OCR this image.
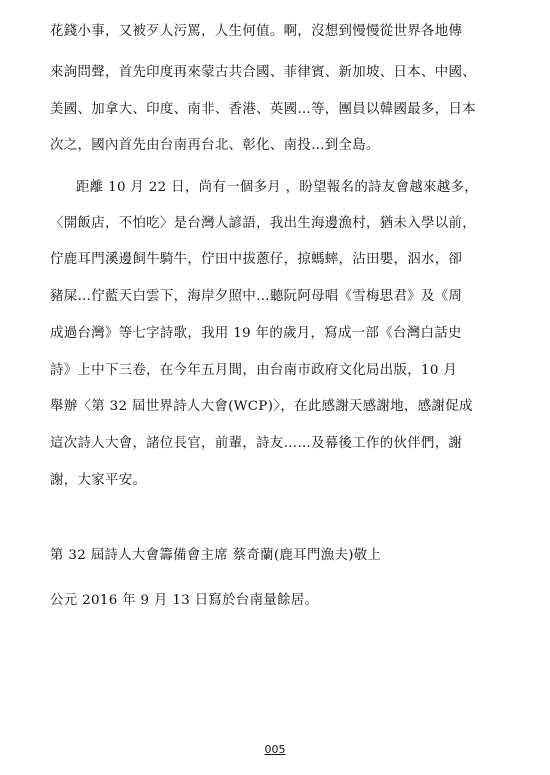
花錢小事，又被歹人污罵，人生何值。啊，沒想到慢慢從世界各地傳
來詢問聲，首先印度再來蒙古共合國、菲律賓、新加坡、日本、中國、
美國、加拿大、印度、南非、香港、英國…等，團員以韓國最多，日本
次之，國內首先由台南再台北、彰化、南投…到全島。
距離 10 月 22 日，尚有一個多月 ，盼望報名的詩友會越來越多，
〈開飯店，不怕吃〉是台灣人諺語，我出生海邊漁村，猶未入學以前，
佇鹿耳門溪邊飼牛騎牛，佇田中拔蔥仔，掠螞蟀，沾田嬰，泅水，卻
豬屎…佇藍天白雲下，海岸夕照中…聽阮阿母唱《雪梅思君》及《周
成過台灣》等七字詩歌，我用 19 年的歲月，寫成一部《台灣白話史
詩》上中下三卷，在今年五月間，由台南市政府文化局出版，10 月
舉辦〈第 32 屆世界詩人大會(WCP)〉，在此感謝天感謝地，感謝促成
這次詩人大會，諸位長官，前輩，詩友……及幕後工作的伙伴們，謝
謝，大家平安。
第 32 屆詩人大會籌備會主席 蔡奇蘭(鹿耳門漁夫)敬上
公元 2016 年 9 月 13 日寫於台南量餘居。
005
